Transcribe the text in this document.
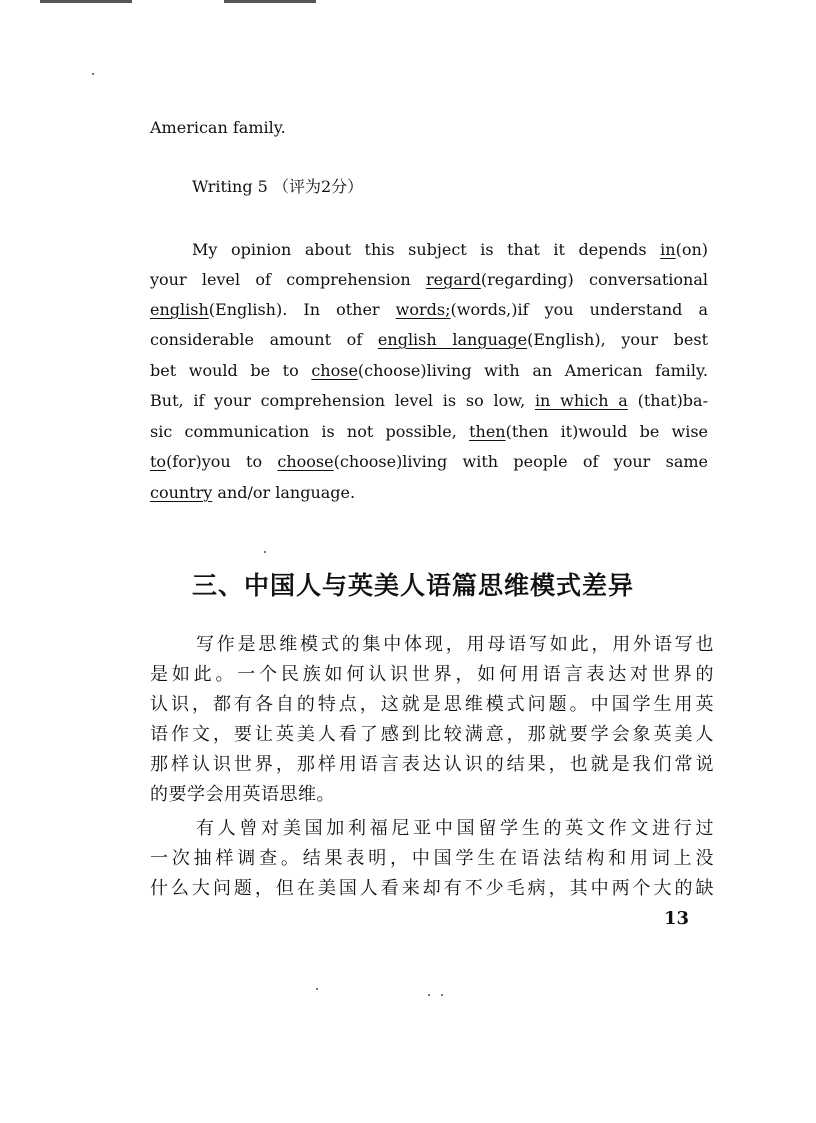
American family.
Writing 5 （评为2分）
My opinion about this subject is that it depends in(on)
your level of comprehension regard(regarding) conversational
english(English). In other words;(words,)if you understand a
considerable amount of english language(English), your best
bet would be to chose(choose)living with an American family.
But, if your comprehension level is so low, in which a (that)ba-
sic communication is not possible, then(then it)would be wise
to(for)you to choose(choose)living with people of your same
country and/or language.
三、中国人与英美人语篇思维模式差异
写作是思维模式的集中体现，用母语写如此，用外语写也
是如此。一个民族如何认识世界，如何用语言表达对世界的
认识，都有各自的特点，这就是思维模式问题。中国学生用英
语作文，要让英美人看了感到比较满意，那就要学会象英美人
那样认识世界，那样用语言表达认识的结果，也就是我们常说
的要学会用英语思维。
有人曾对美国加利福尼亚中国留学生的英文作文进行过
一次抽样调查。结果表明，中国学生在语法结构和用词上没
什么大问题，但在美国人看来却有不少毛病，其中两个大的缺
13
